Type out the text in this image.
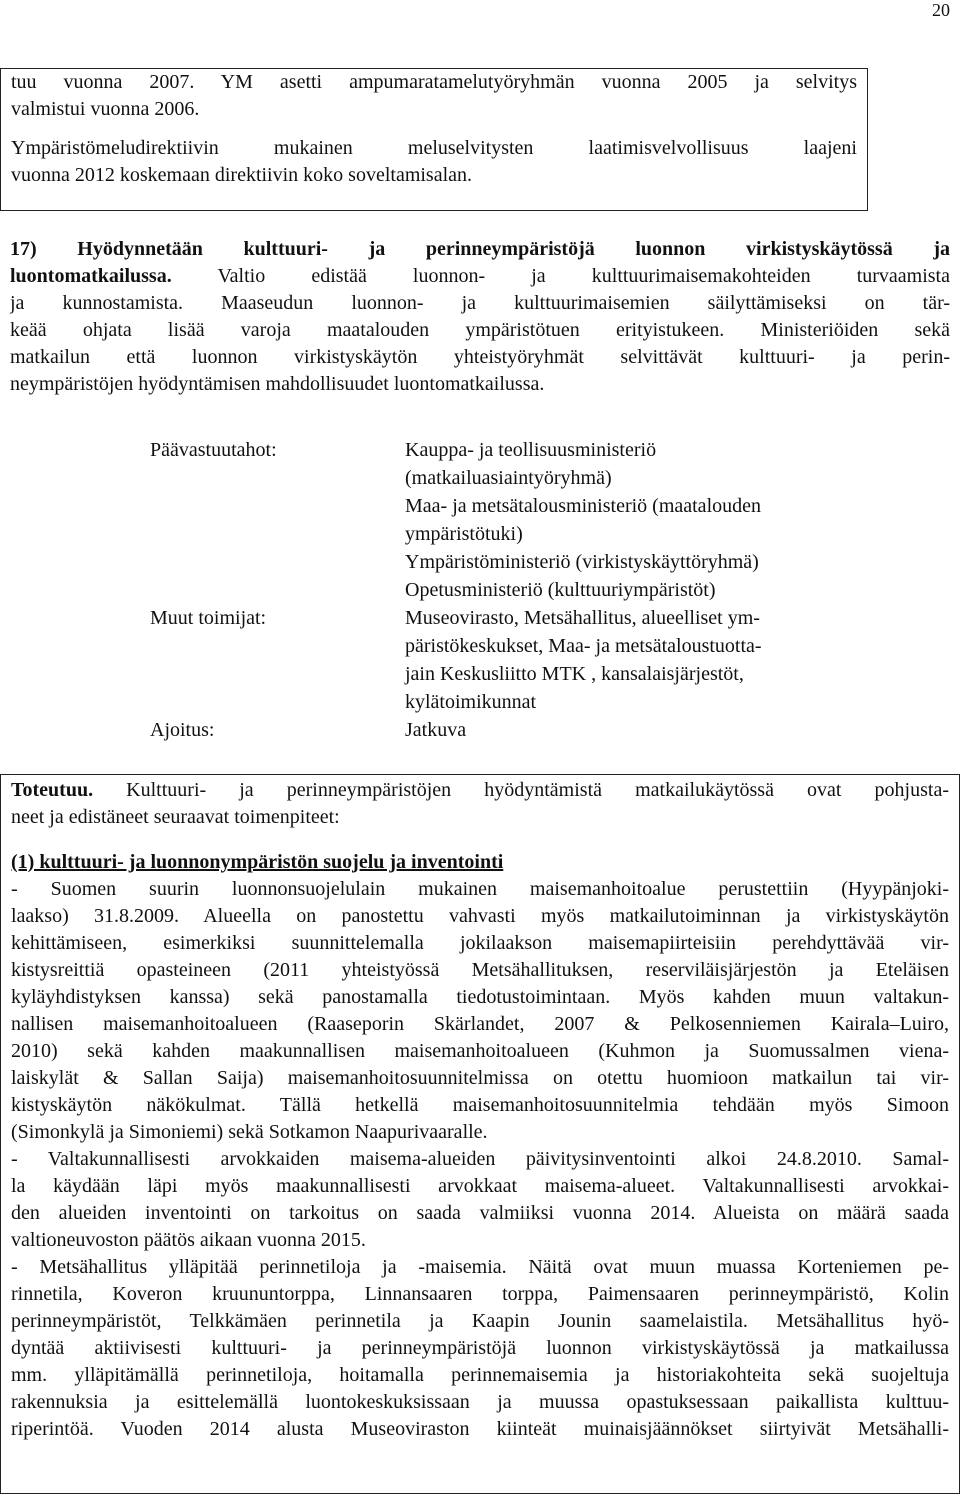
20
tuu vuonna 2007. YM asetti ampumaratamelutyöryhmän vuonna 2005 ja selvitys
valmistui vuonna 2006.
Ympäristömeludirektiivin mukainen meluselvitysten laatimisvelvollisuus laajeni
vuonna 2012 koskemaan direktiivin koko soveltamisalan.
17) Hyödynnetään kulttuuri- ja perinneympäristöjä luonnon virkistyskäytössä ja
luontomatkailussa. Valtio edistää luonnon- ja kulttuurimaisemakohteiden turvaamista
ja kunnostamista. Maaseudun luonnon- ja kulttuurimaisemien säilyttämiseksi on tär-
keää ohjata lisää varoja maatalouden ympäristötuen erityistukeen. Ministeriöiden sekä
matkailun että luonnon virkistyskäytön yhteistyöryhmät selvittävät kulttuuri- ja perin-
neympäristöjen hyödyntämisen mahdollisuudet luontomatkailussa.
Päävastuutahot:	Kauppa- ja teollisuusministeriö
(matkailuasiaintyöryhmä)
Maa- ja metsätalousministeriö (maatalouden
ympäristötuki)
Ympäristöministeriö (virkistyskäyttöryhmä)
Opetusministeriö (kulttuuriympäristöt)
Muut toimijat:	Museovirasto, Metsähallitus, alueelliset ym-
päristökeskukset, Maa- ja metsätaloustuotta-
jain Keskusliitto MTK , kansalaisjärjestöt,
kylätoimikunnat
Ajoitus:	Jatkuva
Toteutuu. Kulttuuri- ja perinneympäristöjen hyödyntämistä matkailukäytössä ovat pohjusta-
neet ja edistäneet seuraavat toimenpiteet:
(1) kulttuuri- ja luonnonympäristön suojelu ja inventointi
- Suomen suurin luonnonsuojelulain mukainen maisemanhoitoalue perustettiin (Hyypänjoki-
laakso) 31.8.2009. Alueella on panostettu vahvasti myös matkailutoiminnan ja virkistyskäytön
kehittämiseen, esimerkiksi suunnittelemalla jokilaakson maisemapiirteisiin perehdyttävää vir-
kistysreittiä opasteineen (2011 yhteistyössä Metsähallituksen, reserviläisjärjestön ja Eteläisen
kyläyhdistyksen kanssa) sekä panostamalla tiedotustoimintaan. Myös kahden muun valtakun-
nallisen maisemanhoitoalueen (Raaseporin Skärlandet, 2007 & Pelkosenniemen Kairala–Luiro,
2010) sekä kahden maakunnallisen maisemanhoitoalueen (Kuhmon ja Suomussalmen viena-
laiskylät & Sallan Saija) maisemanhoitosuunnitelmissa on otettu huomioon matkailun tai vir-
kistyskäytön näkökulmat. Tällä hetkellä maisemanhoitosuunnitelmia tehdään myös Simoon
(Simonkylä ja Simoniemi) sekä Sotkamon Naapurivaaralle.
- Valtakunnallisesti arvokkaiden maisema-alueiden päivitysinventointi alkoi 24.8.2010. Samal-
la käydään läpi myös maakunnallisesti arvokkaat maisema-alueet. Valtakunnallisesti arvokkai-
den alueiden inventointi on tarkoitus on saada valmiiksi vuonna 2014. Alueista on määrä saada
valtioneuvoston päätös aikaan vuonna 2015.
- Metsähallitus ylläpitää perinnetiloja ja -maisemia. Näitä ovat muun muassa Korteniemen pe-
rinnetila, Koveron kruununtorppa, Linnansaaren torppa, Paimensaaren perinneympäristö, Kolin
perinneympäristöt, Telkkämäen perinnetila ja Kaapin Jounin saamelaistila. Metsähallitus hyö-
dyntää aktiivisesti kulttuuri- ja perinneympäristöjä luonnon virkistyskäytössä ja matkailussa
mm. ylläpitämällä perinnetiloja, hoitamalla perinnemaisemia ja historiakohteita sekä suojeltuja
rakennuksia ja esittelemällä luontokeskuksissaan ja muussa opastuksessaan paikallista kulttuu-
riperintöä. Vuoden 2014 alusta Museoviraston kiinteät muinaisjäännökset siirtyivät Metsähalli-
